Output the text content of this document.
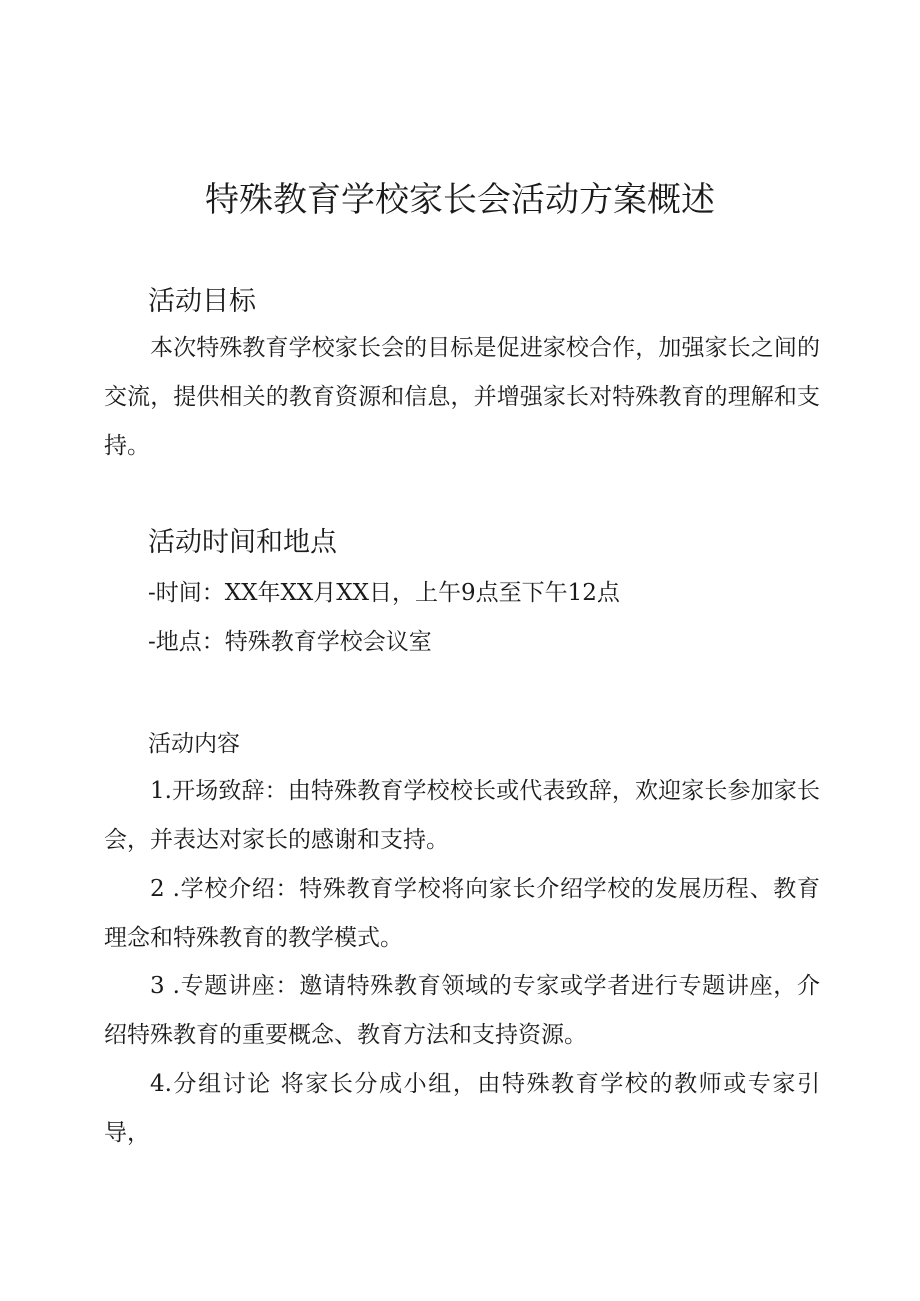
特殊教育学校家长会活动方案概述
活动目标

本次特殊教育学校家长会的目标是促进家校合作，加强家长之间的交流，提供相关的教育资源和信息，并增强家长对特殊教育的理解和支持。

活动时间和地点

-时间：XX年XX月XX日，上午9点至下午12点

-地点：特殊教育学校会议室

活动内容

1.开场致辞：由特殊教育学校校长或代表致辞，欢迎家长参加家长会，并表达对家长的感谢和支持。

2 .学校介绍：特殊教育学校将向家长介绍学校的发展历程、教育理念和特殊教育的教学模式。

3 .专题讲座：邀请特殊教育领域的专家或学者进行专题讲座，介绍特殊教育的重要概念、教育方法和支持资源。

4.分组讨论 将家长分成小组，由特殊教育学校的教师或专家引导，
